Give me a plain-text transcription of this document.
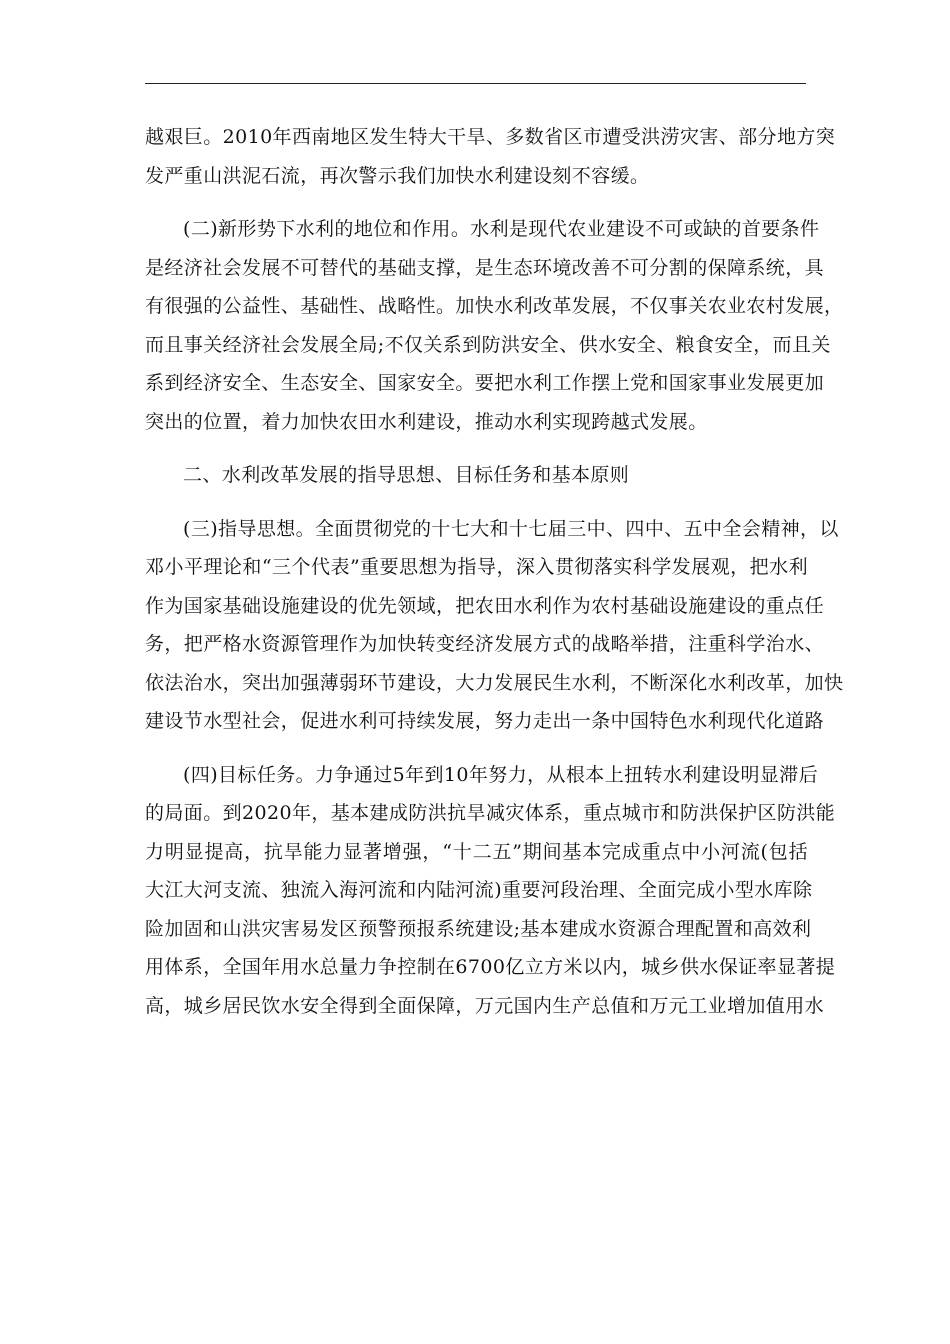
越艰巨。2010年西南地区发生特大干旱、多数省区市遭受洪涝灾害、部分地方突
发严重山洪泥石流，再次警示我们加快水利建设刻不容缓。
(二)新形势下水利的地位和作用。水利是现代农业建设不可或缺的首要条件
是经济社会发展不可替代的基础支撑，是生态环境改善不可分割的保障系统，具
有很强的公益性、基础性、战略性。加快水利改革发展，不仅事关农业农村发展，
而且事关经济社会发展全局;不仅关系到防洪安全、供水安全、粮食安全，而且关
系到经济安全、生态安全、国家安全。要把水利工作摆上党和国家事业发展更加
突出的位置，着力加快农田水利建设，推动水利实现跨越式发展。
二、水利改革发展的指导思想、目标任务和基本原则
(三)指导思想。全面贯彻党的十七大和十七届三中、四中、五中全会精神，以
邓小平理论和“三个代表”重要思想为指导，深入贯彻落实科学发展观，把水利
作为国家基础设施建设的优先领域，把农田水利作为农村基础设施建设的重点任
务，把严格水资源管理作为加快转变经济发展方式的战略举措，注重科学治水、
依法治水，突出加强薄弱环节建设，大力发展民生水利，不断深化水利改革，加快
建设节水型社会，促进水利可持续发展，努力走出一条中国特色水利现代化道路
(四)目标任务。力争通过5年到10年努力，从根本上扭转水利建设明显滞后
的局面。到2020年，基本建成防洪抗旱减灾体系，重点城市和防洪保护区防洪能
力明显提高，抗旱能力显著增强，“十二五”期间基本完成重点中小河流(包括
大江大河支流、独流入海河流和内陆河流)重要河段治理、全面完成小型水库除
险加固和山洪灾害易发区预警预报系统建设;基本建成水资源合理配置和高效利
用体系，全国年用水总量力争控制在6700亿立方米以内，城乡供水保证率显著提
高，城乡居民饮水安全得到全面保障，万元国内生产总值和万元工业增加值用水
